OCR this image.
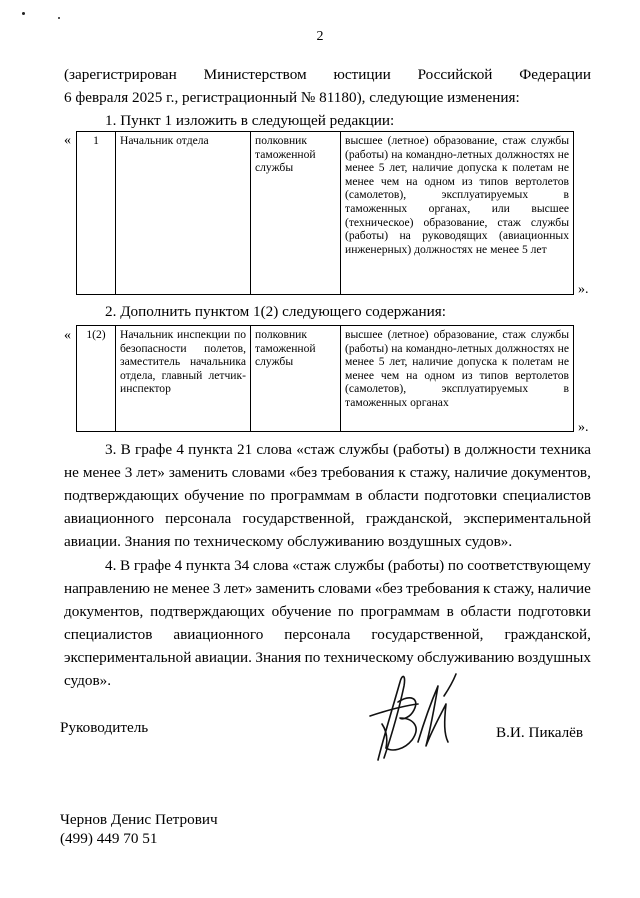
2
(зарегистрирован Министерством юстиции Российской Федерации
6 февраля 2025 г., регистрационный № 81180), следующие изменения:
1. Пункт 1 изложить в следующей редакции:
« 1	Начальник отдела	полковник таможенной службы	высшее (летное) образование, стаж службы (работы) на командно-летных должностях не менее 5 лет, наличие допуска к полетам не менее чем на одном из типов вертолетов (самолетов), эксплуатируемых в таможенных органах, или высшее (техническое) образование, стаж службы (работы) на руководящих (авиационных инженерных) должностях не менее 5 лет
».
2. Дополнить пунктом 1(2) следующего содержания:
« 1(2)	Начальник инспекции по безопасности полетов, заместитель начальника отдела, главный летчик-инспектор	полковник таможенной службы	высшее (летное) образование, стаж службы (работы) на командно-летных должностях не менее 5 лет, наличие допуска к полетам не менее чем на одном из типов вертолетов (самолетов), эксплуатируемых в таможенных органах
».
3. В графе 4 пункта 21 слова «стаж службы (работы) в должности техника
не менее 3 лет» заменить словами «без требования к стажу, наличие документов,
подтверждающих обучение по программам в области подготовки специалистов
авиационного персонала государственной, гражданской, экспериментальной
авиации. Знания по техническому обслуживанию воздушных судов».
4. В графе 4 пункта 34 слова «стаж службы (работы) по соответствующему
направлению не менее 3 лет» заменить словами «без требования к стажу, наличие
документов, подтверждающих обучение по программам в области подготовки
специалистов авиационного персонала государственной, гражданской,
экспериментальной авиации. Знания по техническому обслуживанию воздушных
судов».
Руководитель	В.И. Пикалёв
Чернов Денис Петрович
(499) 449 70 51
